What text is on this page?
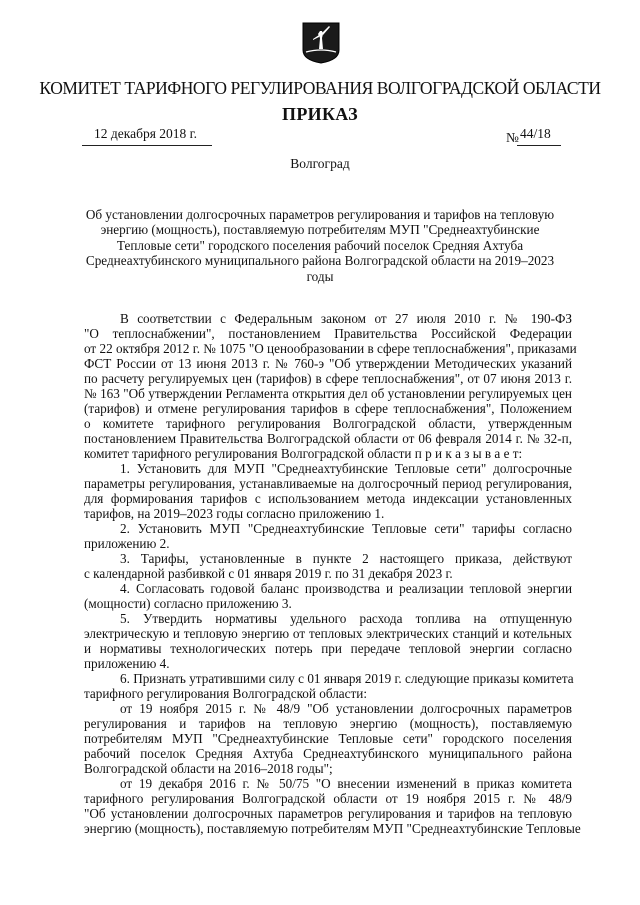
КОМИТЕТ ТАРИФНОГО РЕГУЛИРОВАНИЯ ВОЛГОГРАДСКОЙ ОБЛАСТИ
ПРИКАЗ
12 декабря 2018 г.	№ 44/18
Волгоград
Об установлении долгосрочных параметров регулирования и тарифов на тепловую энергию (мощность), поставляемую потребителям МУП "Среднеахтубинские Тепловые сети" городского поселения рабочий поселок Средняя Ахтуба Среднеахтубинского муниципального района Волгоградской области на 2019–2023 годы
В соответствии с Федеральным законом от 27 июля 2010 г. № 190-ФЗ
"О теплоснабжении", постановлением Правительства Российской Федерации
от 22 октября 2012 г. № 1075 "О ценообразовании в сфере теплоснабжения", приказами
ФСТ России от 13 июня 2013 г. № 760-э "Об утверждении Методических указаний
по расчету регулируемых цен (тарифов) в сфере теплоснабжения", от 07 июня 2013 г.
№ 163 "Об утверждении Регламента открытия дел об установлении регулируемых цен
(тарифов) и отмене регулирования тарифов в сфере теплоснабжения", Положением
о комитете тарифного регулирования Волгоградской области, утвержденным
постановлением Правительства Волгоградской области от 06 февраля 2014 г. № 32-п,
комитет тарифного регулирования Волгоградской области п р и к а з ы в а е т:
1. Установить для МУП "Среднеахтубинские Тепловые сети" долгосрочные
параметры регулирования, устанавливаемые на долгосрочный период регулирования,
для формирования тарифов с использованием метода индексации установленных
тарифов, на 2019–2023 годы согласно приложению 1.
2. Установить МУП "Среднеахтубинские Тепловые сети" тарифы согласно
приложению 2.
3. Тарифы, установленные в пункте 2 настоящего приказа, действуют
с календарной разбивкой с 01 января 2019 г. по 31 декабря 2023 г.
4. Согласовать годовой баланс производства и реализации тепловой энергии
(мощности) согласно приложению 3.
5. Утвердить нормативы удельного расхода топлива на отпущенную
электрическую и тепловую энергию от тепловых электрических станций и котельных
и нормативы технологических потерь при передаче тепловой энергии согласно
приложению 4.
6. Признать утратившими силу с 01 января 2019 г. следующие приказы комитета
тарифного регулирования Волгоградской области:
от 19 ноября 2015 г. № 48/9 "Об установлении долгосрочных параметров
регулирования и тарифов на тепловую энергию (мощность), поставляемую
потребителям МУП "Среднеахтубинские Тепловые сети" городского поселения
рабочий поселок Средняя Ахтуба Среднеахтубинского муниципального района
Волгоградской области на 2016–2018 годы";
от 19 декабря 2016 г. № 50/75 "О внесении изменений в приказ комитета
тарифного регулирования Волгоградской области от 19 ноября 2015 г. № 48/9
"Об установлении долгосрочных параметров регулирования и тарифов на тепловую
энергию (мощность), поставляемую потребителям МУП "Среднеахтубинские Тепловые
